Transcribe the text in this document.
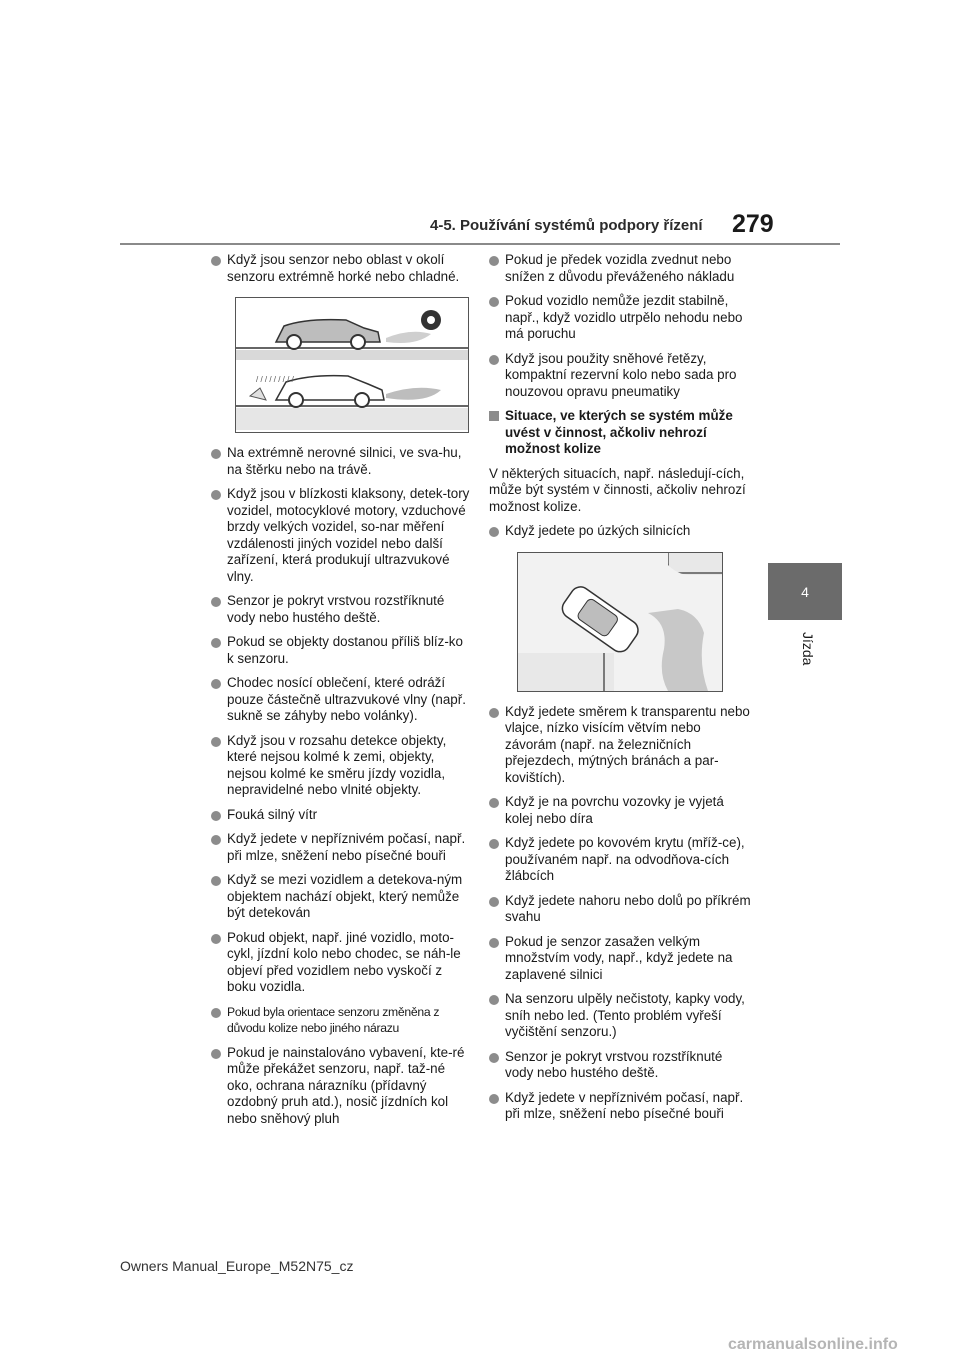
4-5. Používání systémů podpory řízení 279
4
Jízda
Když jsou senzor nebo oblast v okolí senzoru extrémně horké nebo chladné.
/ / / / / / / / /
Na extrémně nerovné silnici, ve sva-hu, na štěrku nebo na trávě.
Když jsou v blízkosti klaksony, detek-tory vozidel, motocyklové motory, vzduchové brzdy velkých vozidel, so-nar měření vzdálenosti jiných vozidel nebo další zařízení, která produkují ultrazvukové vlny.
Senzor je pokryt vrstvou rozstříknuté vody nebo hustého deště.
Pokud se objekty dostanou příliš blíz-ko k senzoru.
Chodec nosící oblečení, které odráží pouze částečně ultrazvukové vlny (např. sukně se záhyby nebo volánky).
Když jsou v rozsahu detekce objekty, které nejsou kolmé k zemi, objekty, nejsou kolmé ke směru jízdy vozidla, nepravidelné nebo vlnité objekty.
Fouká silný vítr
Když jedete v nepříznivém počasí, např. při mlze, sněžení nebo písečné bouři
Když se mezi vozidlem a detekova-ným objektem nachází objekt, který nemůže být detekován
Pokud objekt, např. jiné vozidlo, moto-cykl, jízdní kolo nebo chodec, se náh-le objeví před vozidlem nebo vyskočí z boku vozidla.
Pokud byla orientace senzoru změněna z důvodu kolize nebo jiného nárazu
Pokud je nainstalováno vybavení, kte-ré může překážet senzoru, např. taž-né oko, ochrana nárazníku (přídavný ozdobný pruh atd.), nosič jízdních kol nebo sněhový pluh
Pokud je předek vozidla zvednut nebo snížen z důvodu převáženého nákladu
Pokud vozidlo nemůže jezdit stabilně, např., když vozidlo utrpělo nehodu nebo má poruchu
Když jsou použity sněhové řetězy, kompaktní rezervní kolo nebo sada pro nouzovou opravu pneumatiky
Situace, ve kterých se systém může uvést v činnost, ačkoliv nehrozí možnost kolize
V některých situacích, např. následují-cích, může být systém v činnosti, ačkoliv nehrozí možnost kolize.
Když jedete po úzkých silnicích
Když jedete směrem k transparentu nebo vlajce, nízko visícím větvím nebo závorám (např. na železničních přejezdech, mýtných bránách a par-kovištích).
Když je na povrchu vozovky je vyjetá kolej nebo díra
Když jedete po kovovém krytu (mříž-ce), používaném např. na odvodňova-cích žlábcích
Když jedete nahoru nebo dolů po příkrém svahu
Pokud je senzor zasažen velkým množstvím vody, např., když jedete na zaplavené silnici
Na senzoru ulpěly nečistoty, kapky vody, sníh nebo led. (Tento problém vyřeší vyčištění senzoru.)
Senzor je pokryt vrstvou rozstříknuté vody nebo hustého deště.
Když jedete v nepříznivém počasí, např. při mlze, sněžení nebo písečné bouři
Owners Manual_Europe_M52N75_cz
carmanualsonline.info
